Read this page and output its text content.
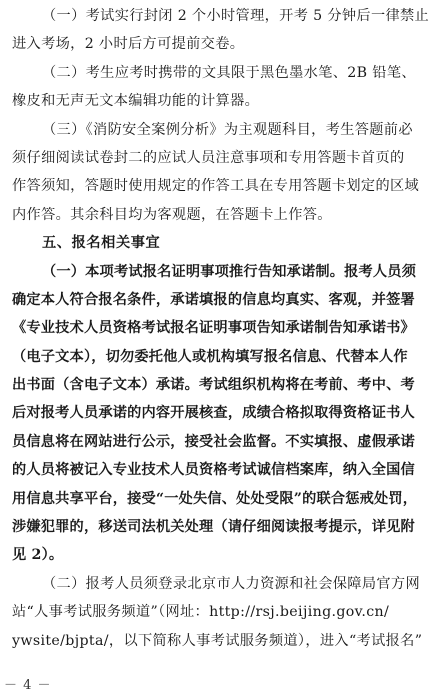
（一）考试实行封闭 2 个小时管理，开考 5 分钟后一律禁止
进入考场，2 小时后方可提前交卷。
（二）考生应考时携带的文具限于黑色墨水笔、2B 铅笔、
橡皮和无声无文本编辑功能的计算器。
（三）《消防安全案例分析》为主观题科目，考生答题前必
须仔细阅读试卷封二的应试人员注意事项和专用答题卡首页的
作答须知，答题时使用规定的作答工具在专用答题卡划定的区域
内作答。其余科目均为客观题，在答题卡上作答。
五、报名相关事宜
（一）本项考试报名证明事项推行告知承诺制。报考人员须
确定本人符合报名条件，承诺填报的信息均真实、客观，并签署
《专业技术人员资格考试报名证明事项告知承诺制告知承诺书》
（电子文本），切勿委托他人或机构填写报名信息、代替本人作
出书面（含电子文本）承诺。考试组织机构将在考前、考中、考
后对报考人员承诺的内容开展核查，成绩合格拟取得资格证书人
员信息将在网站进行公示，接受社会监督。不实填报、虚假承诺
的人员将被记入专业技术人员资格考试诚信档案库，纳入全国信
用信息共享平台，接受“一处失信、处处受限”的联合惩戒处罚，
涉嫌犯罪的，移送司法机关处理（请仔细阅读报考提示，详见附
见 2）。
（二）报考人员须登录北京市人力资源和社会保障局官方网
站“人事考试服务频道”（网址：http://rsj.beijing.gov.cn/
ywsite/bjpta/，以下简称人事考试服务频道），进入“考试报名”
－ 4 －
